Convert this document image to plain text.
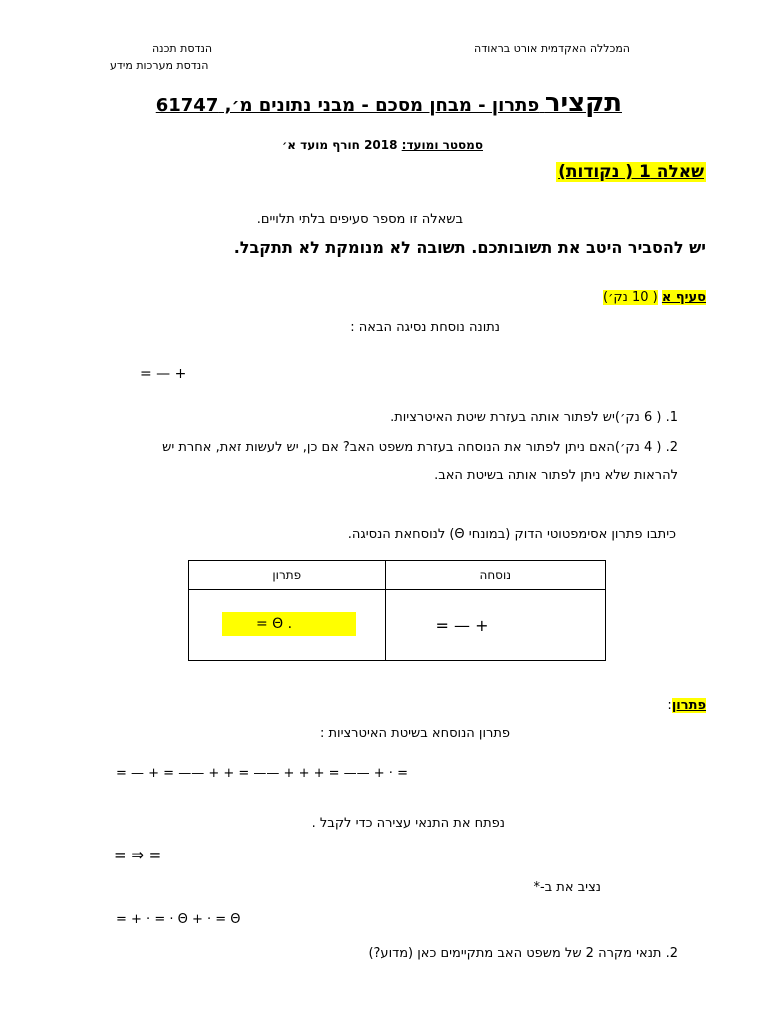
המכללה האקדמית אורט בראודה
הנדסת תכנה
הנדסת מערכות מידע
תקציר פתרון - מבחן מסכם - מבני נתונים מ׳, 61747
סמסטר ומועד: 2018 חורף מועד א׳
שאלה 1 ( נקודות)
בשאלה זו מספר סעיפים בלתי תלויים.
יש להסביר היטב את תשובותכם. תשובה לא מנומקת לא תתקבל.
סעיף א ( 10 נק׳)
נתונה נוסחת נסיגה הבאה :
= — +
1. ( 6 נק׳)יש לפתור אותה בעזרת שיטת האיטרציות.
2. ( 4 נק׳)האם ניתן לפתור את הנוסחה בעזרת משפט האב? אם כן, יש לעשות זאת, אחרת יש
להראות שלא ניתן לפתור אותה בשיטת האב.
כיתבו פתרון אסימפטוטי הדוק (במונחי Θ) לנוסחאת הנסיגה.
פתרון	נוסחה

= Θ .	= — +
פתרון:
פתרון הנוסחא בשיטת האיטרציות :
= — + = —— + + = —— + + + = —— + · =
נפתח את התנאי עצירה כדי לקבל .
= ⇒ =
נציב את ב-*
= + · = · Θ + · = Θ
2. תנאי מקרה 2 של משפט האב מתקיימים כאן (מדוע?)
